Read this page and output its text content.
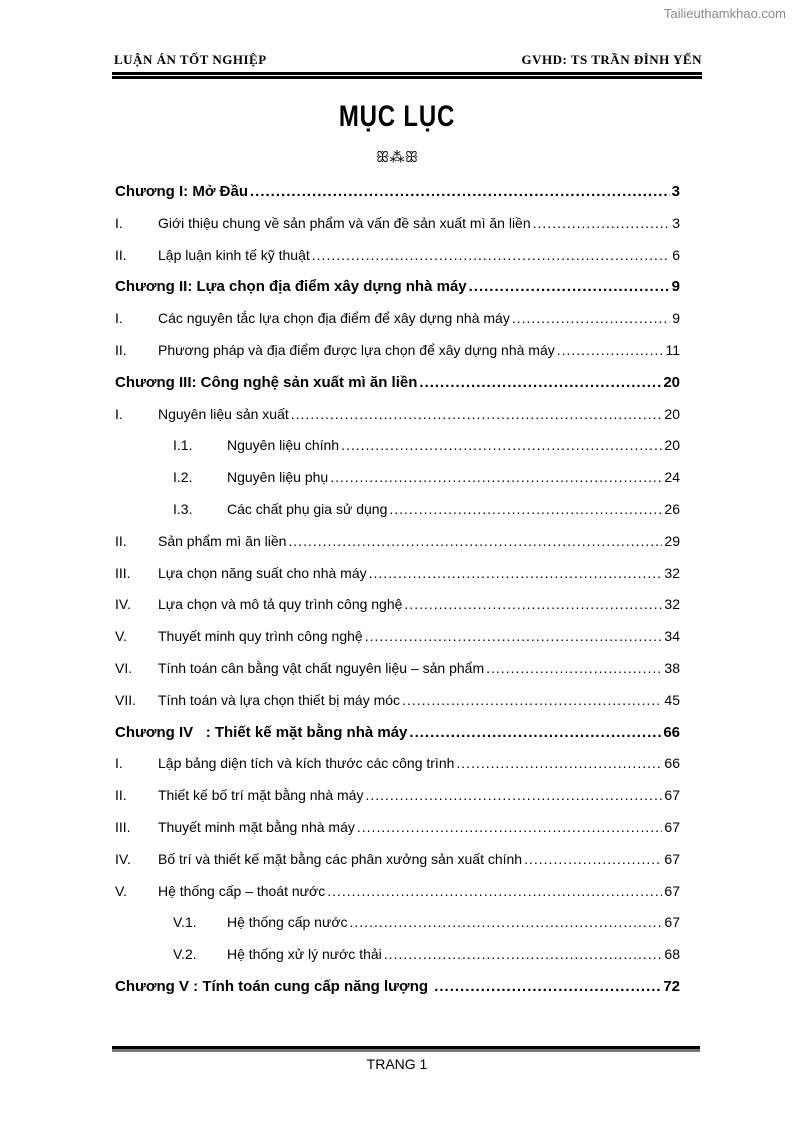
Tailieuthamkhao.com
LUẬN ÁN TỐT NGHIỆP	GVHD: TS TRẦN ĐÌNH YẾN
MỤC LỤC
ꕥ⁂ꕥ
Chương I: Mở Đầu .....	3
I.	Giới thiệu chung về sản phẩm và vấn đề sản xuất mì ăn liền .....	3
II.	Lập luận kinh tế kỹ thuật .....	6
Chương II: Lựa chọn địa điểm xây dựng nhà máy .....	9
I.	Các nguyên tắc lựa chọn địa điểm để xây dựng nhà máy .....	9
II.	Phương pháp và địa điểm được lựa chọn để xây dựng nhà máy .....	11
Chương III: Công nghệ sản xuất mì ăn liền .....	20
I.	Nguyên liệu sản xuất .....	20
I.1.	Nguyên liệu chính .....	20
I.2.	Nguyên liệu phụ .....	24
I.3.	Các chất phụ gia sử dụng .....	26
II.	Sản phẩm mì ăn liền .....	29
III.	Lựa chọn năng suất cho nhà máy .....	32
IV.	Lựa chọn và mô tả quy trình công nghệ .....	32
V.	Thuyết minh quy trình công nghệ .....	34
VI.	Tính toán cân bằng vật chất nguyên liệu – sản phẩm .....	38
VII.	Tính toán và lựa chọn thiết bị máy móc .....	45
Chương IV   : Thiết kế mặt bằng nhà máy .....	66
I.	Lập bảng diện tích và kích thước các công trình .....	66
II.	Thiết kế bố trí mặt bằng nhà máy .....	67
III.	Thuyết minh mặt bằng nhà máy .....	67
IV.	Bố trí và thiết kế mặt bằng các phân xưởng sản xuất chính .....	67
V.	Hệ thống cấp – thoát nước .....	67
V.1.	Hệ thống cấp nước .....	67
V.2.	Hệ thống xử lý nước thải .....	68
Chương V : Tính toán cung cấp năng lượng .....	72
TRANG 1
